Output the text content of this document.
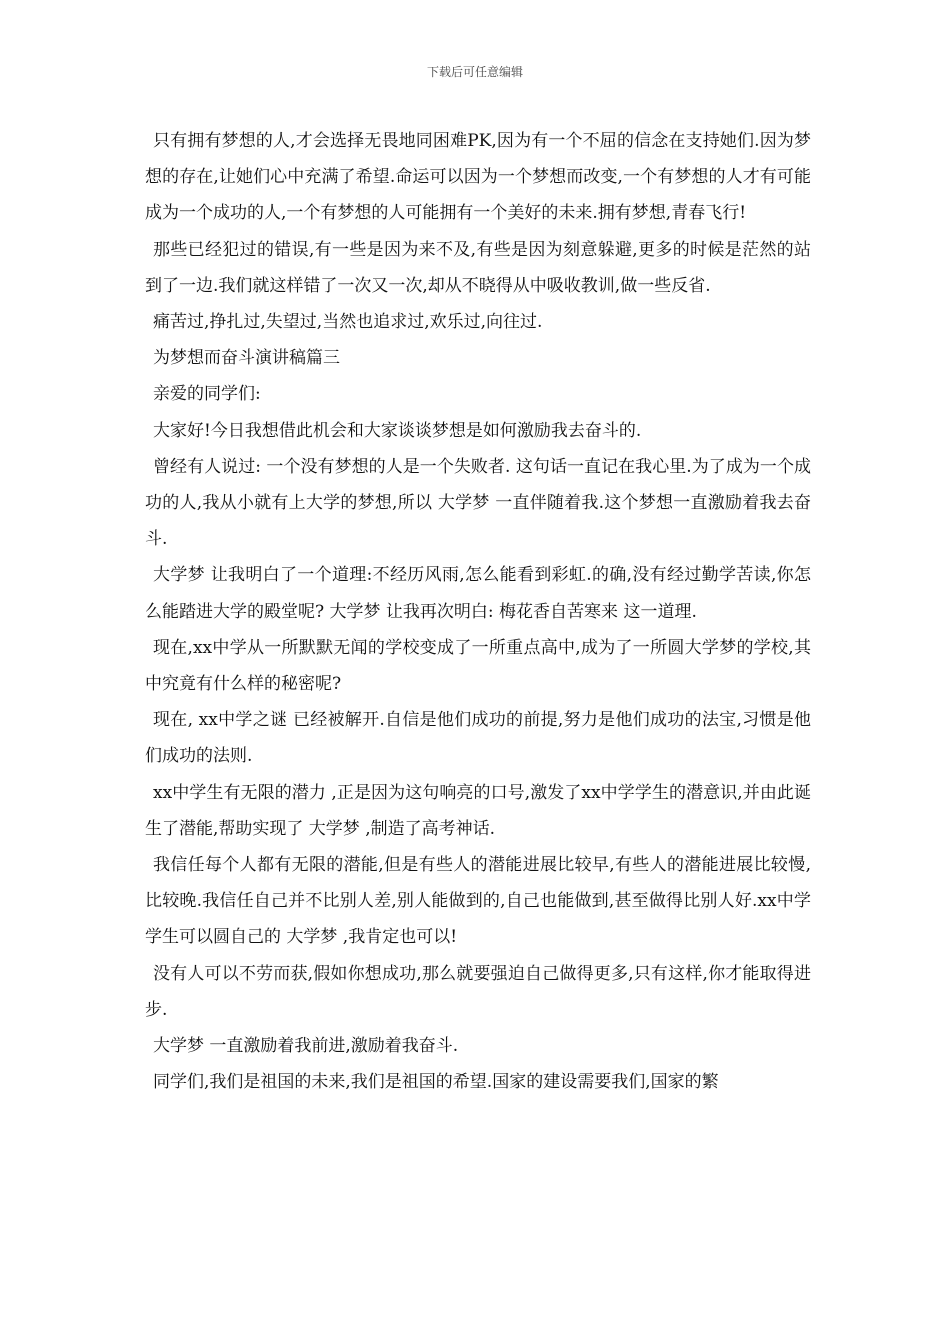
下载后可任意编辑

只有拥有梦想的人,才会选择无畏地同困难PK,因为有一个不屈的信念在支持她们.因为梦想的存在,让她们心中充满了希望.命运可以因为一个梦想而改变,一个有梦想的人才有可能成为一个成功的人,一个有梦想的人可能拥有一个美好的未来.拥有梦想,青春飞行!

那些已经犯过的错误,有一些是因为来不及,有些是因为刻意躲避,更多的时候是茫然的站到了一边.我们就这样错了一次又一次,却从不晓得从中吸收教训,做一些反省.

痛苦过,挣扎过,失望过,当然也追求过,欢乐过,向往过.

为梦想而奋斗演讲稿篇三

亲爱的同学们:

大家好!今日我想借此机会和大家谈谈梦想是如何激励我去奋斗的.

曾经有人说过: 一个没有梦想的人是一个失败者. 这句话一直记在我心里.为了成为一个成功的人,我从小就有上大学的梦想,所以 大学梦 一直伴随着我.这个梦想一直激励着我去奋斗.

大学梦 让我明白了一个道理:不经历风雨,怎么能看到彩虹.的确,没有经过勤学苦读,你怎么能踏进大学的殿堂呢? 大学梦 让我再次明白: 梅花香自苦寒来 这一道理.

现在,xx中学从一所默默无闻的学校变成了一所重点高中,成为了一所圆大学梦的学校,其中究竟有什么样的秘密呢?

现在, xx中学之谜 已经被解开.自信是他们成功的前提,努力是他们成功的法宝,习惯是他们成功的法则.

xx中学生有无限的潜力 ,正是因为这句响亮的口号,激发了xx中学学生的潜意识,并由此诞生了潜能,帮助实现了 大学梦 ,制造了高考神话.

我信任每个人都有无限的潜能,但是有些人的潜能进展比较早,有些人的潜能进展比较慢,比较晚.我信任自己并不比别人差,别人能做到的,自己也能做到,甚至做得比别人好.xx中学学生可以圆自己的 大学梦 ,我肯定也可以!

没有人可以不劳而获,假如你想成功,那么就要强迫自己做得更多,只有这样,你才能取得进步.

大学梦 一直激励着我前进,激励着我奋斗.

同学们,我们是祖国的未来,我们是祖国的希望.国家的建设需要我们,国家的繁
